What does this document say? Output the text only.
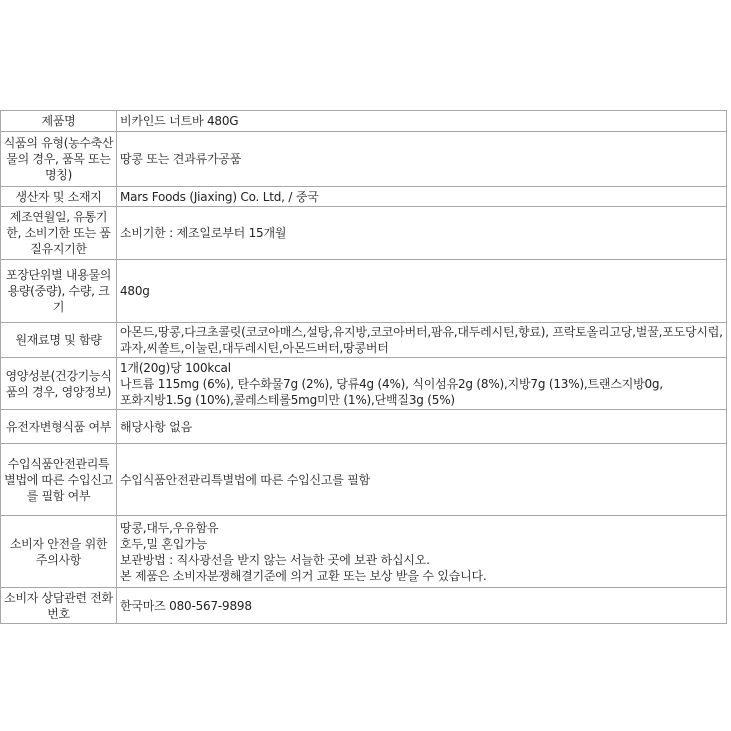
제품명	비카인드 너트바 480G

식품의 유형(농수축산물의 경우, 품목 또는 명칭)	땅콩 또는 견과류가공품

생산자 및 소재지	Mars Foods (Jiaxing) Co. Ltd, / 중국

제조연월일, 유통기한, 소비기한 또는 품질유지기한	소비기한 : 제조일로부터 15개월

포장단위별 내용물의 용량(중량), 수량, 크기	480g

원재료명 및 함량	아몬드,땅콩,다크초콜릿(코코아매스,설탕,유지방,코코아버터,팜유,대두레시틴,향료), 프락토올리고당,벌꿀,포도당시럽,과자,씨쏠트,이눌린,대두레시틴,아몬드버터,땅콩버터

영양성분(건강기능식품의 경우, 영양정보)	1개(20g)당 100kcal
나트륨 115mg (6%), 탄수화물7g (2%), 당류4g (4%), 식이섬유2g (8%),지방7g (13%),트랜스지방0g,포화지방1.5g (10%),콜레스테롤5mg미만 (1%),단백질3g (5%)

유전자변형식품 여부	해당사항 없음

수입식품안전관리특별법에 따른 수입신고를 필함 여부	수입식품안전관리특별법에 따른 수입신고를 필함

소비자 안전을 위한 주의사항	땅콩,대두,우유함유
호두,밀 혼입가능
보관방법 : 직사광선을 받지 않는 서늘한 곳에 보관 하십시오.
본 제품은 소비자분쟁해결기준에 의거 교환 또는 보상 받을 수 있습니다.

소비자 상담관련 전화번호	한국마즈 080-567-9898
